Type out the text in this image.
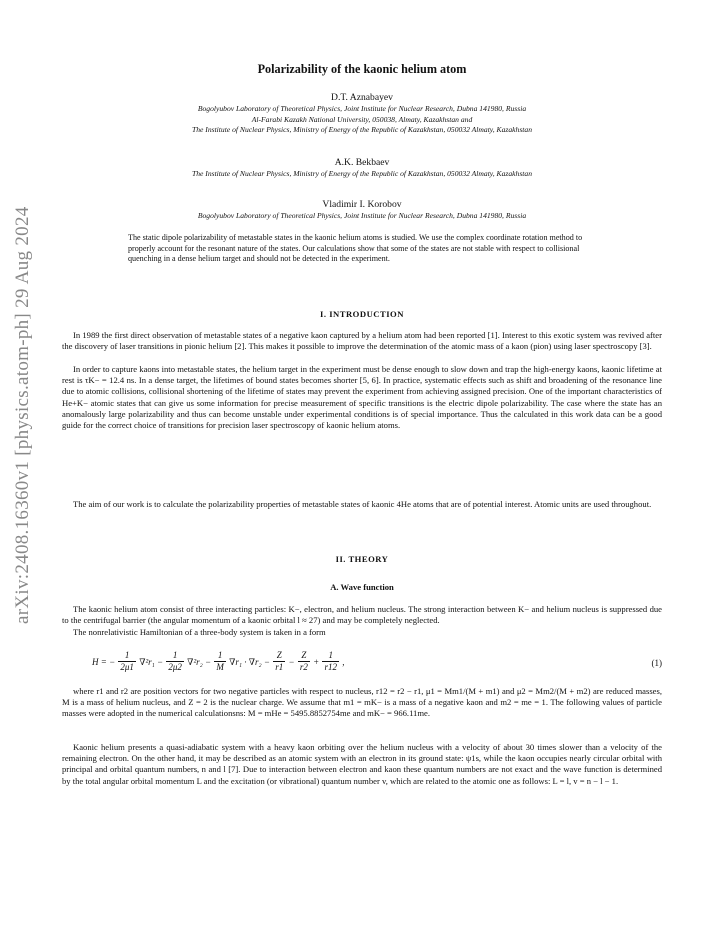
arXiv:2408.16360v1 [physics.atom-ph] 29 Aug 2024
Polarizability of the kaonic helium atom
D.T. Aznabayev
Bogolyubov Laboratory of Theoretical Physics, Joint Institute for Nuclear Research, Dubna 141980, Russia
Al-Farabi Kazakh National University, 050038, Almaty, Kazakhstan and
The Institute of Nuclear Physics, Ministry of Energy of the Republic of Kazakhstan, 050032 Almaty, Kazakhstan
A.K. Bekbaev
The Institute of Nuclear Physics, Ministry of Energy of the Republic of Kazakhstan, 050032 Almaty, Kazakhstan
Vladimir I. Korobov
Bogolyubov Laboratory of Theoretical Physics, Joint Institute for Nuclear Research, Dubna 141980, Russia
The static dipole polarizability of metastable states in the kaonic helium atoms is studied. We use the complex coordinate rotation method to properly account for the resonant nature of the states. Our calculations show that some of the states are not stable with respect to collisional quenching in a dense helium target and should not be detected in the experiment.
I. INTRODUCTION
In 1989 the first direct observation of metastable states of a negative kaon captured by a helium atom had been reported [1]. Interest to this exotic system was revived after the discovery of laser transitions in pionic helium [2]. This makes it possible to improve the determination of the atomic mass of a kaon (pion) using laser spectroscopy [3].
In order to capture kaons into metastable states, the helium target in the experiment must be dense enough to slow down and trap the high-energy kaons, kaonic lifetime at rest is τK− = 12.4 ns. In a dense target, the lifetimes of bound states becomes shorter [5, 6]. In practice, systematic effects such as shift and broadening of the resonance line due to atomic collisions, collisional shortening of the lifetime of states may prevent the experiment from achieving assigned precision. One of the important characteristics of He+K− atomic states that can give us some information for precise measurement of specific transitions is the electric dipole polarizability. The case where the state has an anomalously large polarizability and thus can become unstable under experimental conditions is of special importance. Thus the calculated in this work data can be a good guide for the correct choice of transitions for precision laser spectroscopy of kaonic helium atoms.
The aim of our work is to calculate the polarizability properties of metastable states of kaonic 4He atoms that are of potential interest. Atomic units are used throughout.
II. THEORY
A. Wave function
The kaonic helium atom consist of three interacting particles: K−, electron, and helium nucleus. The strong interaction between K− and helium nucleus is suppressed due to the centrifugal barrier (the angular momentum of a kaonic orbital l ≈ 27) and may be completely neglected.
The nonrelativistic Hamiltonian of a three-body system is taken in a form
H = − $\frac{1}{2\mu 1} \nabla^2r_1 - \frac{1}{2\mu 2} \nabla^2r_2 - \frac{1}{M} \nabla r_1 \cdot \nabla r_2 - \frac{Z}{r1} - \frac{Z}{r2} + \frac{1}{r12}$ ,	(1)
where r1 and r2 are position vectors for two negative particles with respect to nucleus, r12 = r2 − r1, μ1 = Mm1/(M + m1) and μ2 = Mm2/(M + m2) are reduced masses, M is a mass of helium nucleus, and Z = 2 is the nuclear charge. We assume that m1 = mK− is a mass of a negative kaon and m2 = me = 1. The following values of particle masses were adopted in the numerical calculationsns: M = mHe = 5495.8852754me and mK− = 966.11me.
Kaonic helium presents a quasi-adiabatic system with a heavy kaon orbiting over the helium nucleus with a velocity of about 30 times slower than a velocity of the remaining electron. On the other hand, it may be described as an atomic system with an electron in its ground state: ψ1s, while the kaon occupies nearly circular orbital with principal and orbital quantum numbers, n and l [7]. Due to interaction between electron and kaon these quantum numbers are not exact and the wave function is determined by the total angular orbital momentum L and the excitation (or vibrational) quantum number v, which are related to the atomic one as follows: L = l, v = n − l − 1.
